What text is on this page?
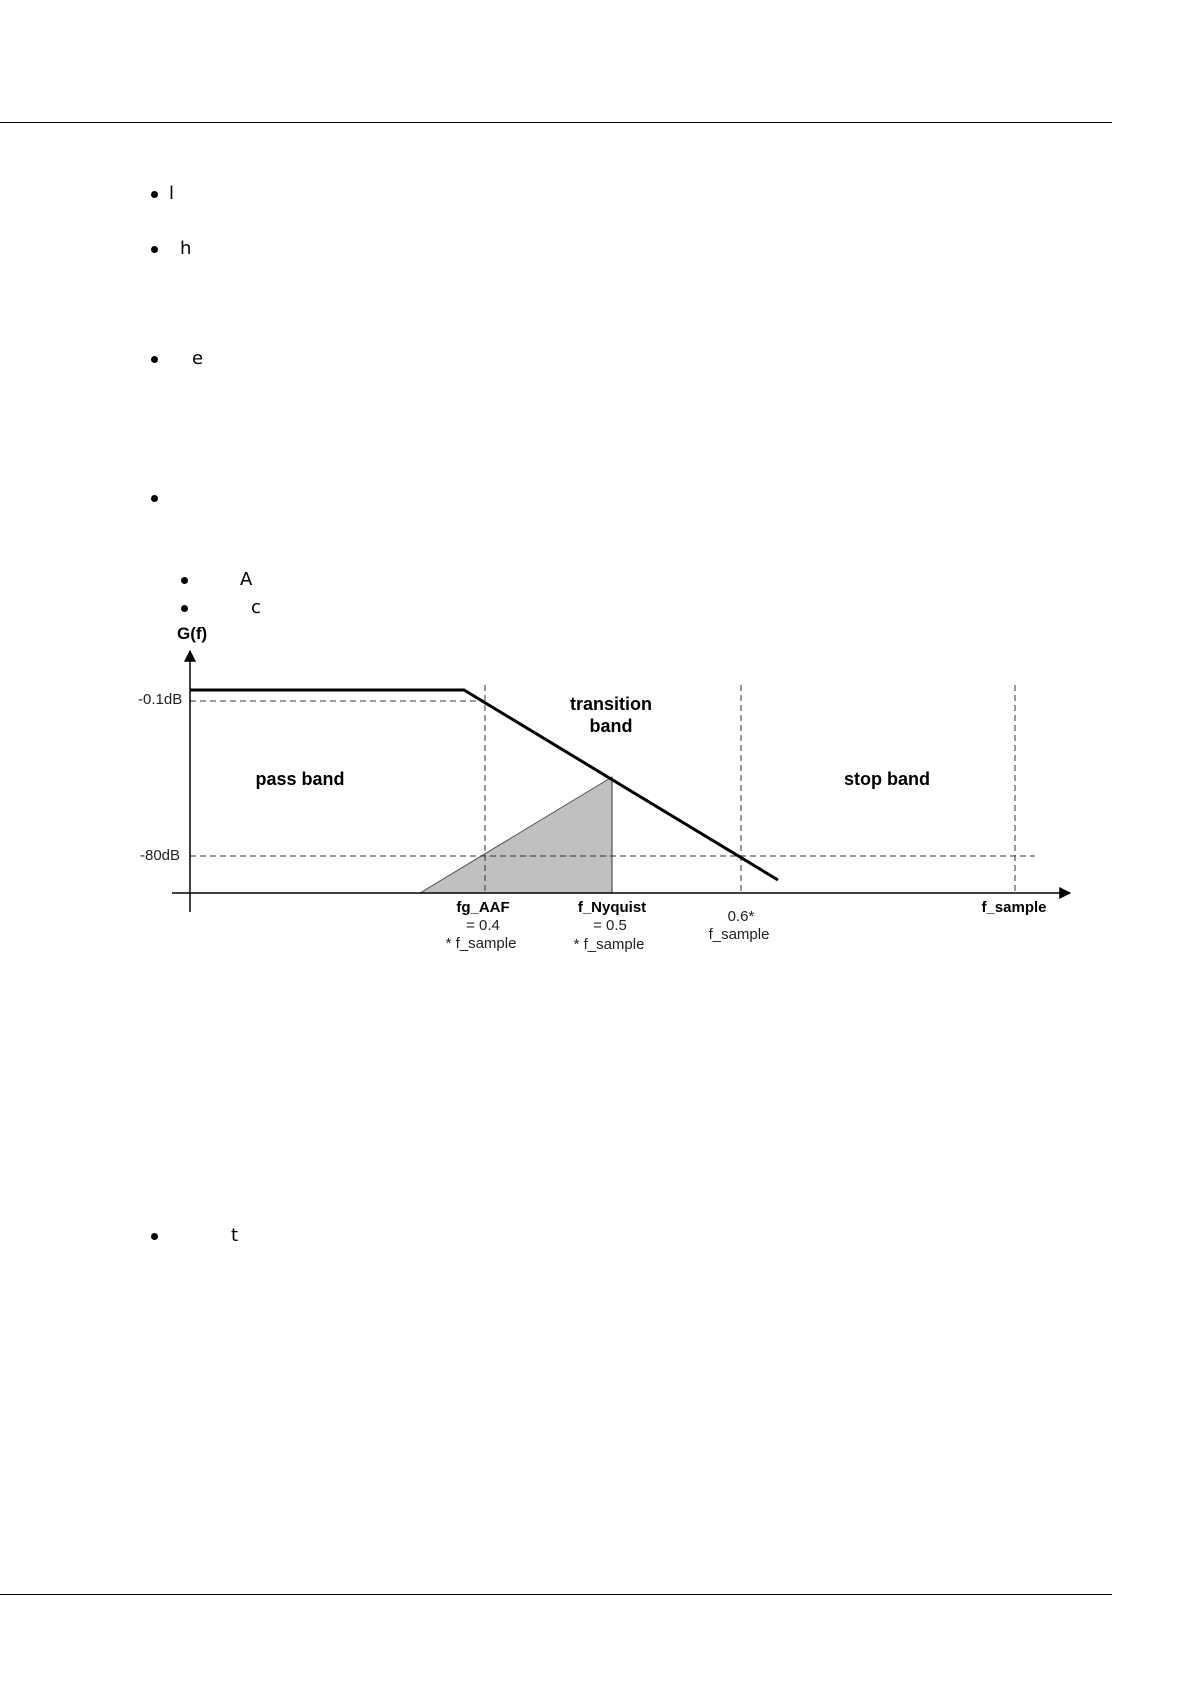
l
h
e
A
c
G(f)
-0.1dB
-80dB
pass band
transition
band
stop band
fg_AAF
= 0.4
* f_sample
f_Nyquist
= 0.5
* f_sample
0.6*
f_sample
f_sample
t
